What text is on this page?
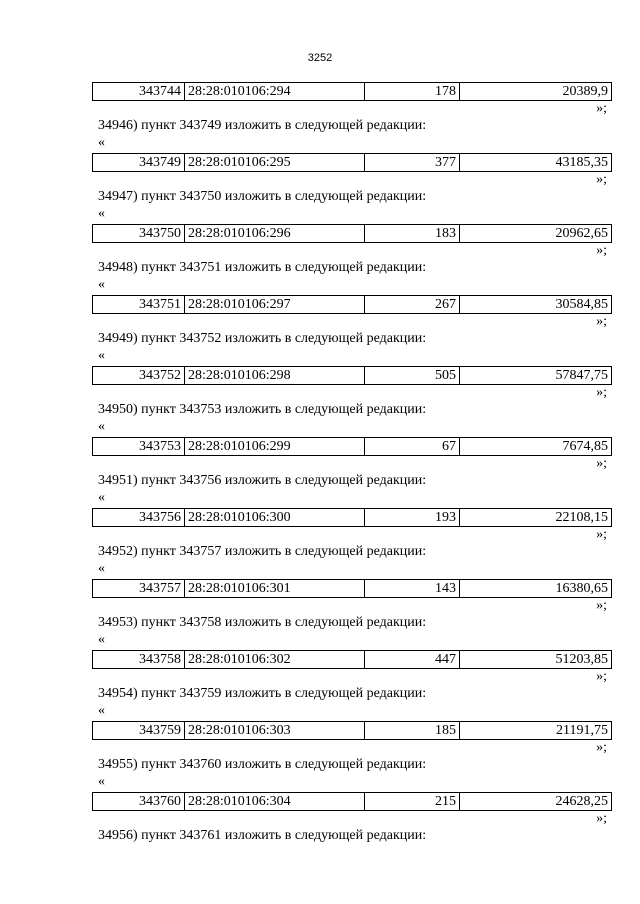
3252
343744	28:28:010106:294	178	20389,9
»;
34946) пункт 343749 изложить в следующей редакции:
«
343749	28:28:010106:295	377	43185,35
»;
34947) пункт 343750 изложить в следующей редакции:
«
343750	28:28:010106:296	183	20962,65
»;
34948) пункт 343751 изложить в следующей редакции:
«
343751	28:28:010106:297	267	30584,85
»;
34949) пункт 343752 изложить в следующей редакции:
«
343752	28:28:010106:298	505	57847,75
»;
34950) пункт 343753 изложить в следующей редакции:
«
343753	28:28:010106:299	67	7674,85
»;
34951) пункт 343756 изложить в следующей редакции:
«
343756	28:28:010106:300	193	22108,15
»;
34952) пункт 343757 изложить в следующей редакции:
«
343757	28:28:010106:301	143	16380,65
»;
34953) пункт 343758 изложить в следующей редакции:
«
343758	28:28:010106:302	447	51203,85
»;
34954) пункт 343759 изложить в следующей редакции:
«
343759	28:28:010106:303	185	21191,75
»;
34955) пункт 343760 изложить в следующей редакции:
«
343760	28:28:010106:304	215	24628,25
»;
34956) пункт 343761 изложить в следующей редакции:
